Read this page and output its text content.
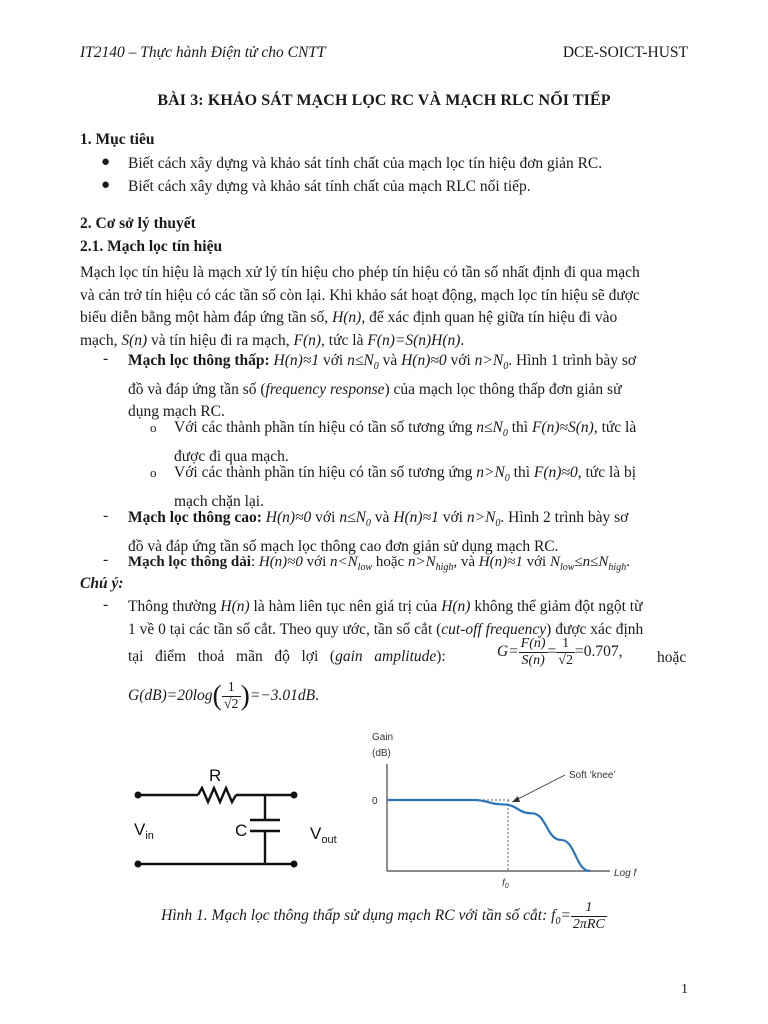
IT2140 – Thực hành Điện tử cho CNTT	DCE-SOICT-HUST
BÀI 3: KHẢO SÁT MẠCH LỌC RC VÀ MẠCH RLC NỐI TIẾP
1. Mục tiêu
● Biết cách xây dựng và khảo sát tính chất của mạch lọc tín hiệu đơn giản RC.
● Biết cách xây dựng và khảo sát tính chất của mạch RLC nối tiếp.
2. Cơ sở lý thuyết
2.1. Mạch lọc tín hiệu
Mạch lọc tín hiệu là mạch xử lý tín hiệu cho phép tín hiệu có tần số nhất định đi qua mạch
và cản trở tín hiệu có các tần số còn lại. Khi khảo sát hoạt động, mạch lọc tín hiệu sẽ được
biểu diễn bằng một hàm đáp ứng tần số, H(n), để xác định quan hệ giữa tín hiệu đi vào
mạch, S(n) và tín hiệu đi ra mạch, F(n), tức là F(n)=S(n)H(n).
- Mạch lọc thông thấp: H(n)≈1 với $n\le N_0$ và H(n)≈0 với $n>N_0$. Hình 1 trình bày sơ
đồ và đáp ứng tần số (frequency response) của mạch lọc thông thấp đơn giản sử
dụng mạch RC.
o Với các thành phần tín hiệu có tần số tương ứng $n\le N_0$ thì F(n)≈S(n), tức là
được đi qua mạch.
o Với các thành phần tín hiệu có tần số tương ứng $n>N_0$ thì F(n)≈0, tức là bị
mạch chặn lại.
- Mạch lọc thông cao: H(n)≈0 với $n\le N_0$ và H(n)≈1 với $n>N_0$. Hình 2 trình bày sơ
đồ và đáp ứng tần số mạch lọc thông cao đơn giản sử dụng mạch RC.
- Mạch lọc thông dải: H(n)≈0 với $n<N_{low}$ hoặc $n>N_{high}$, và H(n)≈1 với $N_{low}\le n\le N_{high}$.
Chú ý:
- Thông thường H(n) là hàm liên tục nên giá trị của H(n) không thể giảm đột ngột từ
1 về 0 tại các tần số cắt. Theo quy ước, tần số cắt (cut-off frequency) được xác định
tại   điểm   thoả   mãn   độ   lợi   (gain   amplitude):	$G= \frac{F(n)}{S(n)} = \frac{1}{√2} =0.707$, hoặc
$G(dB)=20\log( \frac{1}{√2} )=-3.01dB$.
R
C
$V_{in}$	$V_{out}$
Gain
(dB)
0
Soft ‘knee’
Log f
$f_0$
Hình 1. Mạch lọc thông thấp sử dụng mạch RC với tần số cắt: $f_0= \frac{1}{\text{2πRC}}$
1
